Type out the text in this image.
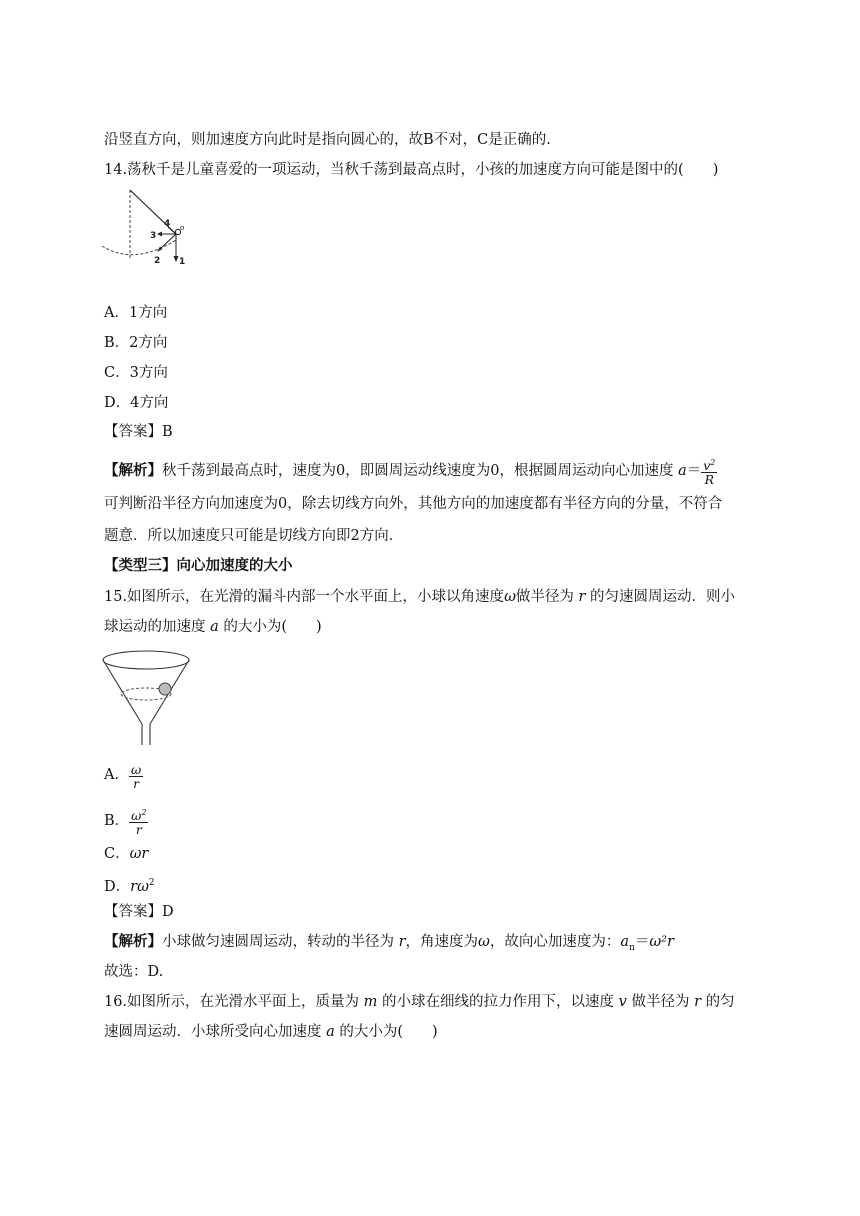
沿竖直方向，则加速度方向此时是指向圆心的，故B不对，C是正确的.
14.荡秋千是儿童喜爱的一项运动，当秋千荡到最高点时，小孩的加速度方向可能是图中的(　　)
4
3
2 1
o
A．1方向
B．2方向
C．3方向
D．4方向
【答案】B
【解析】秋千荡到最高点时，速度为0，即圆周运动线速度为0，根据圆周运动向心加速度 $a= \frac{v^2}{R}$
可判断沿半径方向加速度为0，除去切线方向外，其他方向的加速度都有半径方向的分量，不符合
题意．所以加速度只可能是切线方向即2方向．
【类型三】向心加速度的大小
15.如图所示，在光滑的漏斗内部一个水平面上，小球以角速度ω做半径为 r 的匀速圆周运动．则小
球运动的加速度 a 的大小为(　　)
A． $\frac{\omega}{r}$
B． $\frac{\omega^2}{r}$
C．ωr
D．$r\omega^2$
【答案】D
【解析】小球做匀速圆周运动，转动的半径为 r，角速度为ω，故向心加速度为：$a_n=\omega^2r$
故选：D.
16.如图所示，在光滑水平面上，质量为 m 的小球在细线的拉力作用下，以速度 v 做半径为 r 的匀
速圆周运动．小球所受向心加速度 a 的大小为(　　)
